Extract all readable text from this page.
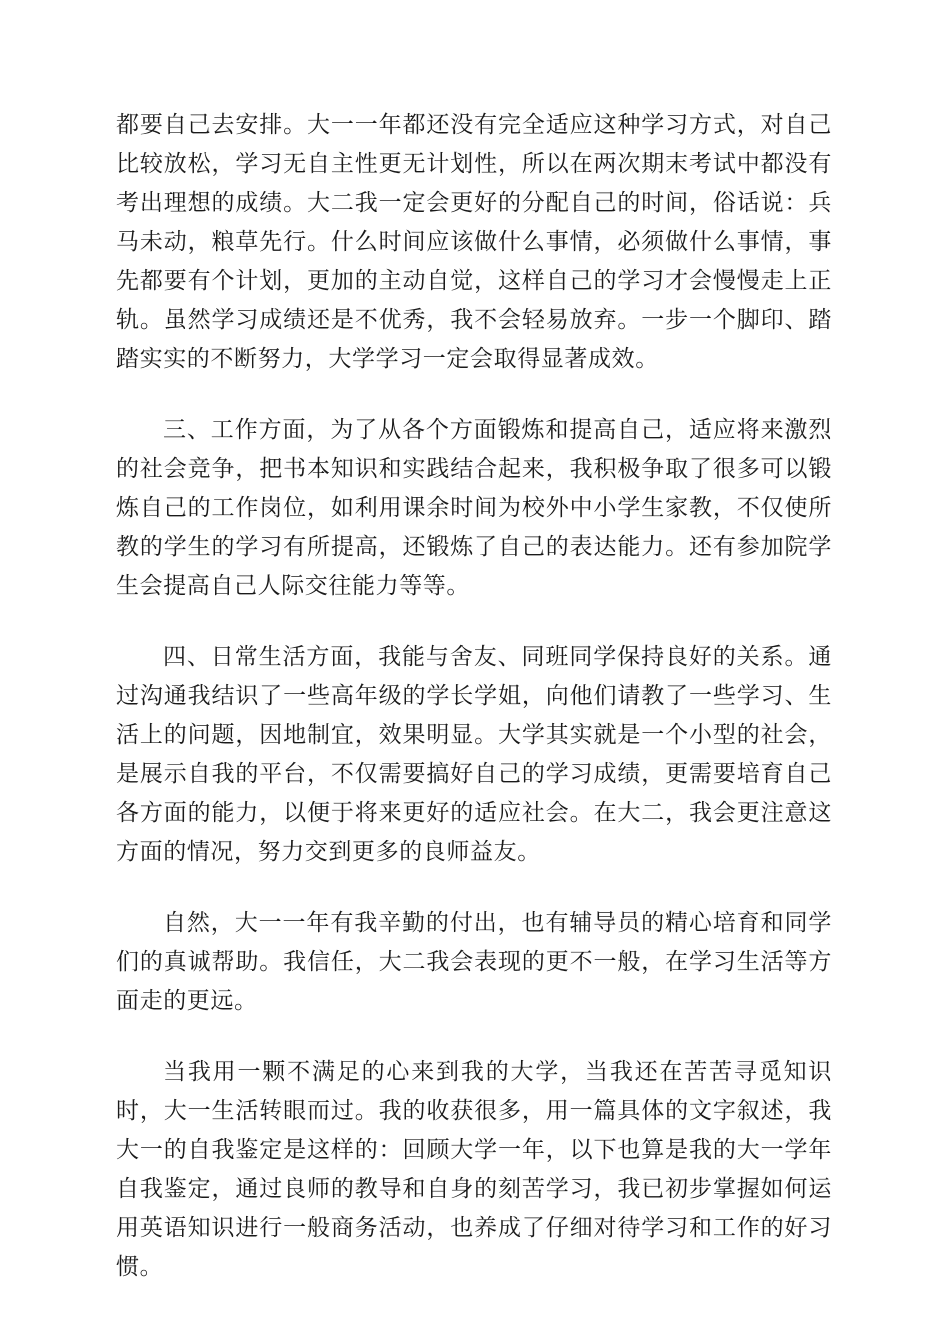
都要自己去安排。大一一年都还没有完全适应这种学习方式，对自己比较放松，学习无自主性更无计划性，所以在两次期末考试中都没有考出理想的成绩。大二我一定会更好的分配自己的时间，俗话说：兵马未动，粮草先行。什么时间应该做什么事情，必须做什么事情，事先都要有个计划，更加的主动自觉，这样自己的学习才会慢慢走上正轨。虽然学习成绩还是不优秀，我不会轻易放弃。一步一个脚印、踏踏实实的不断努力，大学学习一定会取得显著成效。

三、工作方面，为了从各个方面锻炼和提高自己，适应将来激烈的社会竞争，把书本知识和实践结合起来，我积极争取了很多可以锻炼自己的工作岗位，如利用课余时间为校外中小学生家教，不仅使所教的学生的学习有所提高，还锻炼了自己的表达能力。还有参加院学生会提高自己人际交往能力等等。

四、日常生活方面，我能与舍友、同班同学保持良好的关系。通过沟通我结识了一些高年级的学长学姐，向他们请教了一些学习、生活上的问题，因地制宜，效果明显。大学其实就是一个小型的社会，是展示自我的平台，不仅需要搞好自己的学习成绩，更需要培育自己各方面的能力，以便于将来更好的适应社会。在大二，我会更注意这方面的情况，努力交到更多的良师益友。

自然，大一一年有我辛勤的付出，也有辅导员的精心培育和同学们的真诚帮助。我信任，大二我会表现的更不一般，在学习生活等方面走的更远。

当我用一颗不满足的心来到我的大学，当我还在苦苦寻觅知识时，大一生活转眼而过。我的收获很多，用一篇具体的文字叙述，我大一的自我鉴定是这样的：回顾大学一年，以下也算是我的大一学年自我鉴定，通过良师的教导和自身的刻苦学习，我已初步掌握如何运用英语知识进行一般商务活动，也养成了仔细对待学习和工作的好习惯。
